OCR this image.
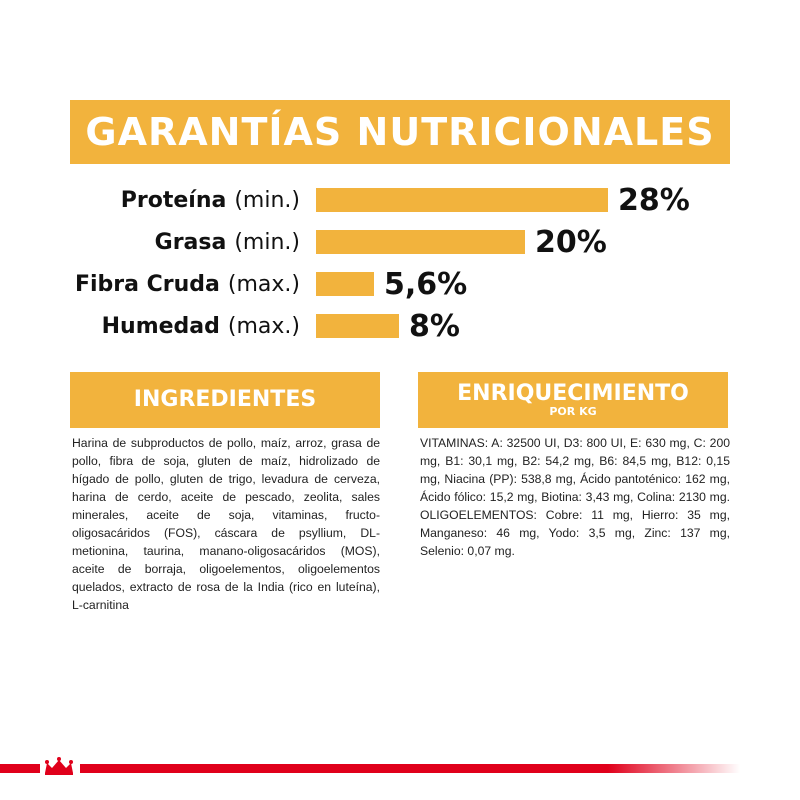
GARANTÍAS NUTRICIONALES
Proteína (min.)	28%
Grasa (min.)	20%
Fibra Cruda (max.)	5,6%
Humedad (max.)	8%
INGREDIENTES
Harina de subproductos de pollo, maíz, arroz, grasa de pollo, fibra de soja, gluten de maíz, hidrolizado de hígado de pollo, gluten de trigo, levadura de cerveza, harina de cerdo, aceite de pescado, zeolita, sales minerales, aceite de soja, vitaminas, fructo-oligosacáridos (FOS), cáscara de psyllium, DL-metionina, taurina, manano-oligosacáridos (MOS), aceite de borraja, oligoelementos, oligoelementos quelados, extracto de rosa de la India (rico en luteína), L-carnitina
ENRIQUECIMIENTO
POR KG
VITAMINAS: A: 32500 UI, D3: 800 UI, E: 630 mg, C: 200 mg, B1: 30,1 mg, B2: 54,2 mg, B6: 84,5 mg, B12: 0,15 mg, Niacina (PP): 538,8 mg, Ácido pantoténico: 162 mg, Ácido fólico: 15,2 mg, Biotina: 3,43 mg, Colina: 2130 mg. OLIGOELEMENTOS: Cobre: 11 mg, Hierro: 35 mg, Manganeso: 46 mg, Yodo: 3,5 mg, Zinc: 137 mg, Selenio: 0,07 mg.
